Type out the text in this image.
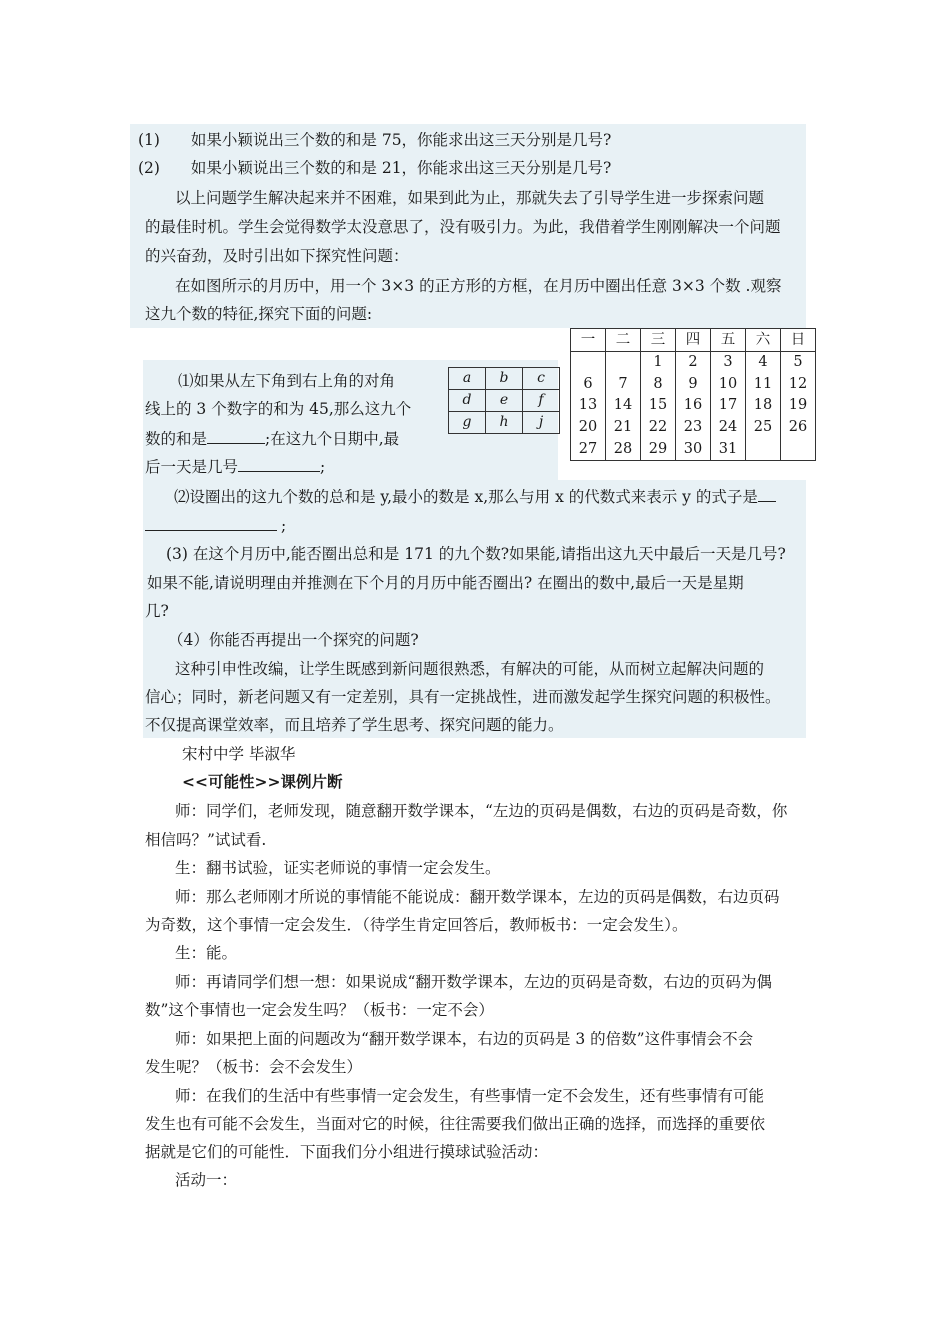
(1) 如果小颖说出三个数的和是 75，你能求出这三天分别是几号?
(2) 如果小颖说出三个数的和是 21，你能求出这三天分别是几号?
以上问题学生解决起来并不困难，如果到此为止，那就失去了引导学生进一步探索问题
的最佳时机。学生会觉得数学太没意思了，没有吸引力。为此，我借着学生刚刚解决一个问题
的兴奋劲，及时引出如下探究性问题：
在如图所示的月历中，用一个 3×3 的正方形的方框，在月历中圈出任意 3×3 个数 .观察
这九个数的特征,探究下面的问题:
⑴如果从左下角到右上角的对角
线上的 3 个数字的和为 45,那么这九个
数的和是	;在这九个日期中,最
后一天是几号	;
a	b	c
d	e	f
g	h	j
一	二	三	四	五	六	日
		1	2	3	4	5
6	7	8	9	10	11	12
13	14	15	16	17	18	19
20	21	22	23	24	25	26
27	28	29	30	31		
⑵设圈出的这九个数的总和是 y,最小的数是 x,那么与用 x 的代数式来表示 y 的式子是
;
(3) 在这个月历中,能否圈出总和是 171 的九个数?如果能,请指出这九天中最后一天是几号?
如果不能,请说明理由并推测在下个月的月历中能否圈出? 在圈出的数中,最后一天是星期
几?
（4）你能否再提出一个探究的问题?
这种引申性改编，让学生既感到新问题很熟悉，有解决的可能，从而树立起解决问题的
信心；同时，新老问题又有一定差别，具有一定挑战性，进而激发起学生探究问题的积极性。
不仅提高课堂效率，而且培养了学生思考、探究问题的能力。
宋村中学 毕淑华
<<可能性>>课例片断
师：同学们，老师发现，随意翻开数学课本，“左边的页码是偶数，右边的页码是奇数，你
相信吗？”试试看.
生：翻书试验，证实老师说的事情一定会发生。
师：那么老师刚才所说的事情能不能说成：翻开数学课本，左边的页码是偶数，右边页码
为奇数，这个事情一定会发生．（待学生肯定回答后，教师板书：一定会发生）。
生：能。
师：再请同学们想一想：如果说成“翻开数学课本，左边的页码是奇数，右边的页码为偶
数”这个事情也一定会发生吗？（板书：一定不会）
师：如果把上面的问题改为“翻开数学课本，右边的页码是 3 的倍数”这件事情会不会
发生呢？（板书：会不会发生）
师：在我们的生活中有些事情一定会发生，有些事情一定不会发生，还有些事情有可能
发生也有可能不会发生，当面对它的时候，往往需要我们做出正确的选择，而选择的重要依
据就是它们的可能性．下面我们分小组进行摸球试验活动：
活动一：
